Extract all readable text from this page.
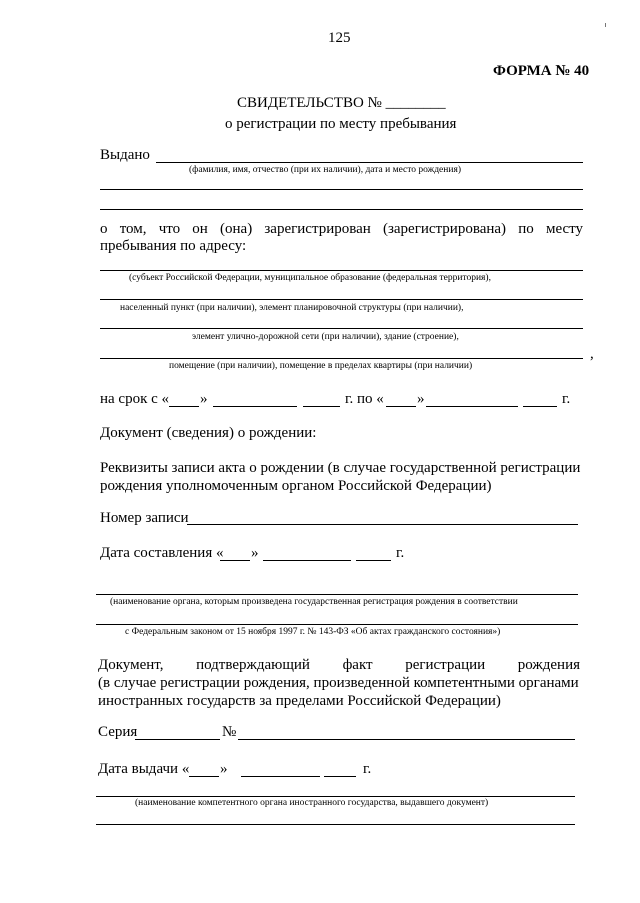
125
ФОРМА № 40
СВИДЕТЕЛЬСТВО № ________
о регистрации по месту пребывания
Выдано
(фамилия, имя, отчество (при их наличии), дата и место рождения)
о том, что он (она) зарегистрирован (зарегистрирована) по месту
пребывания по адресу:
(субъект Российской Федерации, муниципальное образование (федеральная территория),
населенный пункт (при наличии), элемент планировочной структуры (при наличии),
элемент улично-дорожной сети (при наличии), здание (строение),
,
помещение (при наличии), помещение в пределах квартиры (при наличии)
на срок с « »	г. по « »	г.
Документ (сведения) о рождении:
Реквизиты записи акта о рождении (в случае государственной регистрации
рождения уполномоченным органом Российской Федерации)
Номер записи
Дата составления « »	г.
(наименование органа, которым произведена государственная регистрация рождения в соответствии
с Федеральным законом от 15 ноября 1997 г. № 143-ФЗ «Об актах гражданского состояния»)
Документ, подтверждающий факт регистрации рождения
(в случае регистрации рождения, произведенной компетентными органами
иностранных государств за пределами Российской Федерации)
Серия	№
Дата выдачи « »	г.
(наименование компетентного органа иностранного государства, выдавшего документ)
